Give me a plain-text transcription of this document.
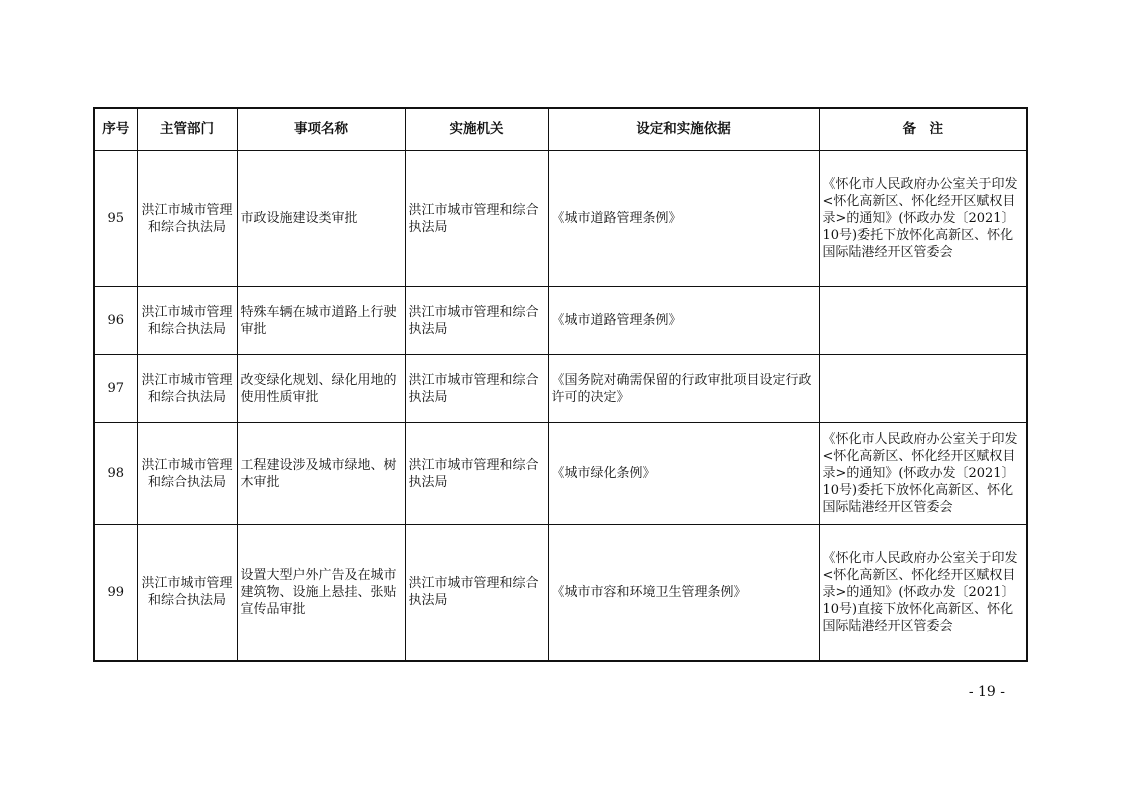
序号	主管部门	事项名称	实施机关	设定和实施依据	备　注
95	洪江市城市管理和综合执法局	市政设施建设类审批	洪江市城市管理和综合执法局	《城市道路管理条例》	《怀化市人民政府办公室关于印发<怀化高新区、怀化经开区赋权目录>的通知》(怀政办发〔2021〕10号)委托下放怀化高新区、怀化国际陆港经开区管委会
96	洪江市城市管理和综合执法局	特殊车辆在城市道路上行驶审批	洪江市城市管理和综合执法局	《城市道路管理条例》	
97	洪江市城市管理和综合执法局	改变绿化规划、绿化用地的使用性质审批	洪江市城市管理和综合执法局	《国务院对确需保留的行政审批项目设定行政许可的决定》	
98	洪江市城市管理和综合执法局	工程建设涉及城市绿地、树木审批	洪江市城市管理和综合执法局	《城市绿化条例》	《怀化市人民政府办公室关于印发<怀化高新区、怀化经开区赋权目录>的通知》(怀政办发〔2021〕10号)委托下放怀化高新区、怀化国际陆港经开区管委会
99	洪江市城市管理和综合执法局	设置大型户外广告及在城市建筑物、设施上悬挂、张贴宣传品审批	洪江市城市管理和综合执法局	《城市市容和环境卫生管理条例》	《怀化市人民政府办公室关于印发<怀化高新区、怀化经开区赋权目录>的通知》(怀政办发〔2021〕10号)直接下放怀化高新区、怀化国际陆港经开区管委会
- 19 -
